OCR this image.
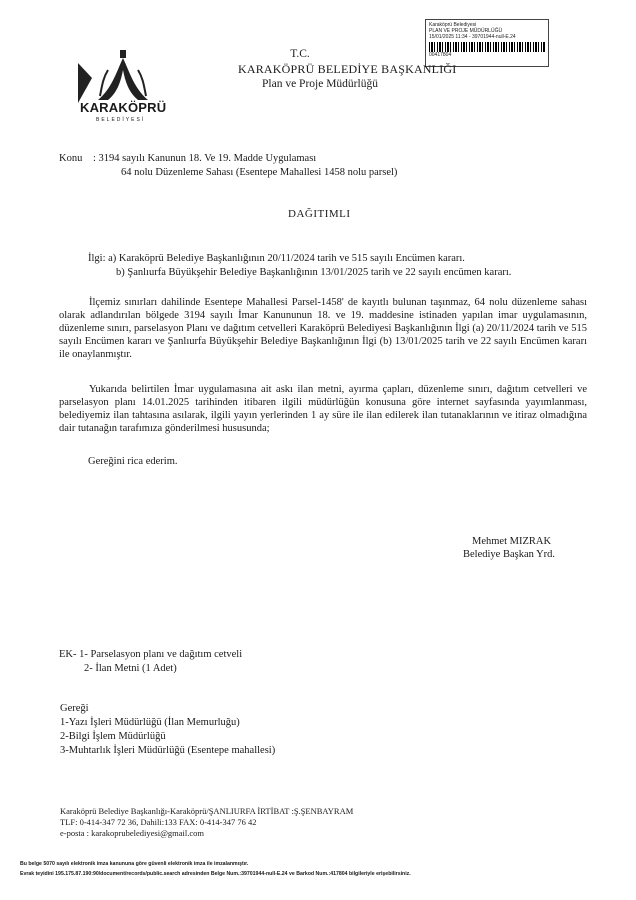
KARAKÖPRÜ
BELEDİYESİ
Karaköprü Belediyesi
PLAN VE PROJE MÜDÜRLÜĞÜ
15/01/2025 11:34 - 39701944-null-E.24
00417804
T.C.
KARAKÖPRÜ BELEDİYE BAŞKANLIĞI
Plan ve Proje Müdürlüğü
Konu : 3194 sayılı Kanunun 18. Ve 19. Madde Uygulaması
64 nolu Düzenleme Sahası (Esentepe Mahallesi 1458 nolu parsel)
DAĞITIMLI
İlgi: a) Karaköprü Belediye Başkanlığının 20/11/2024 tarih ve 515 sayılı Encümen kararı.
b) Şanlıurfa Büyükşehir Belediye Başkanlığının 13/01/2025 tarih ve 22 sayılı encümen kararı.
İlçemiz sınırları dahilinde Esentepe Mahallesi Parsel-1458' de kayıtlı bulunan taşınmaz, 64 nolu düzenleme sahası olarak adlandırılan bölgede 3194 sayılı İmar Kanununun 18. ve 19. maddesine istinaden yapılan imar uygulamasının, düzenleme sınırı, parselasyon Planı ve dağıtım cetvelleri Karaköprü Belediyesi Başkanlığının İlgi (a) 20/11/2024 tarih ve 515 sayılı Encümen kararı ve Şanlıurfa Büyükşehir Belediye Başkanlığının İlgi (b) 13/01/2025 tarih ve 22 sayılı Encümen kararı ile onaylanmıştır.
Yukarıda belirtilen İmar uygulamasına ait askı ilan metni, ayırma çapları, düzenleme sınırı, dağıtım cetvelleri ve parselasyon planı 14.01.2025 tarihinden itibaren ilgili müdürlüğün konusuna göre internet sayfasında yayımlanması, belediyemiz ilan tahtasına asılarak, ilgili yayın yerlerinden 1 ay süre ile ilan edilerek ilan tutanaklarının ve itiraz olmadığına dair tutanağın tarafımıza gönderilmesi hususunda;
Gereğini rica ederim.
Mehmet MIZRAK
Belediye Başkan Yrd.
EK- 1- Parselasyon planı ve dağıtım cetveli
2- İlan Metni (1 Adet)
Gereği
1-Yazı İşleri Müdürlüğü (İlan Memurluğu)
2-Bilgi İşlem Müdürlüğü
3-Muhtarlık İşleri Müdürlüğü (Esentepe mahallesi)
Karaköprü Belediye Başkanlığı-Karaköprü/ŞANLIURFA İRTİBAT :Ş.ŞENBAYRAM
TLF: 0-414-347 72 36, Dahili:133 FAX: 0-414-347 76 42
e-posta : karakoprubelediyesi@gmail.com
Bu belge 5070 sayılı elektronik imza kanununa göre güvenli elektronik imza ile imzalanmıştır.
Evrak teyidini 195.175.87.190:90/document/records/public.search adresinden Belge Num.:39701944-null-E.24 ve Barkod Num.:417804 bilgileriyle erişebilirsiniz.
